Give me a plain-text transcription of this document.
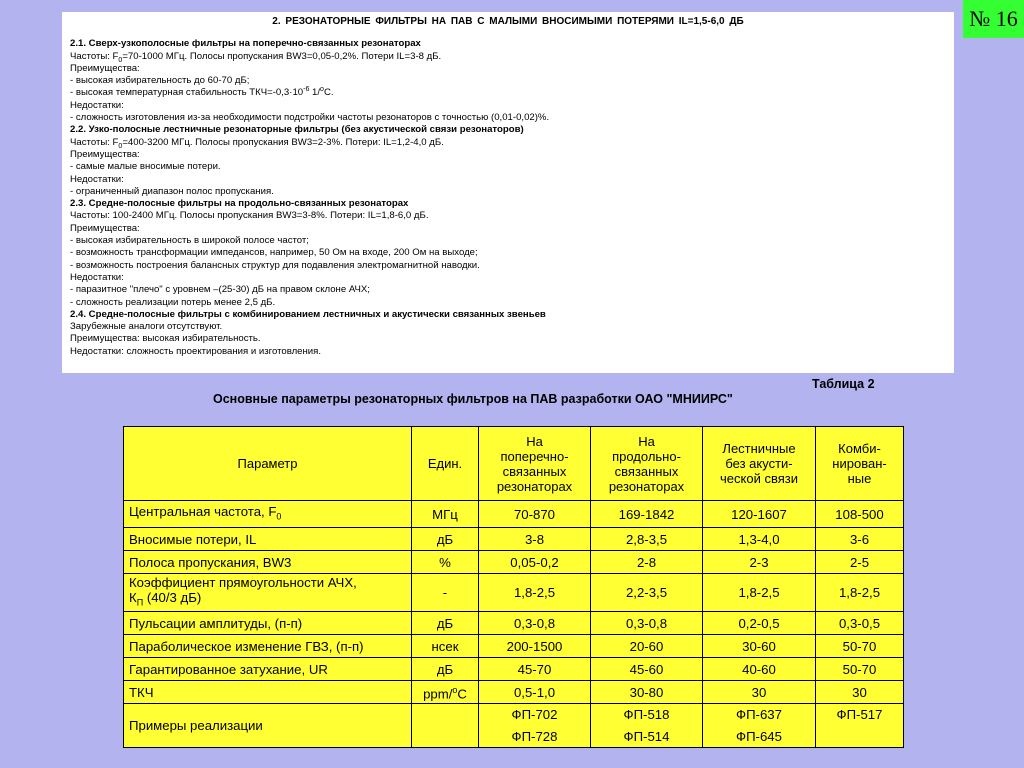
№ 16
2. РЕЗОНАТОРНЫЕ ФИЛЬТРЫ НА ПАВ С МАЛЫМИ ВНОСИМЫМИ ПОТЕРЯМИ IL=1,5-6,0 ДБ
2.1. Сверх-узкополосные фильтры на поперечно-связанных резонаторах
Частоты: $F_0=70-1000$ МГц. Полосы пропускания BW3=0,05-0,2%. Потери IL=3-8 дБ.
Преимущества:
- высокая избирательность до 60-70 дБ;
- высокая температурная стабильность $ТКЧ=-0,3\cdot 10^{-6}$ 1/$^o$С.
Недостатки:
- сложность изготовления из-за необходимости подстройки частоты резонаторов с точностью (0,01-0,02)%.
2.2. Узко-полосные лестничные резонаторные фильтры (без акустической связи резонаторов)
Частоты: $F_0=400-3200$ МГц. Полосы пропускания BW3=2-3%. Потери: IL=1,2-4,0 дБ.
Преимущества:
- самые малые вносимые потери.
Недостатки:
- ограниченный диапазон полос пропускания.
2.3. Средне-полосные фильтры на продольно-связанных резонаторах
Частоты: 100-2400 МГц. Полосы пропускания BW3=3-8%. Потери: IL=1,8-6,0 дБ.
Преимущества:
- высокая избирательность в широкой полосе частот;
- возможность трансформации импедансов, например, 50 Ом на входе, 200 Ом на выходе;
- возможность построения балансных структур для подавления электромагнитной наводки.
Недостатки:
- паразитное "плечо" с уровнем –(25-30) дБ на правом склоне АЧХ;
- сложность реализации потерь менее 2,5 дБ.
2.4. Средне-полосные фильтры с комбинированием лестничных и акустически связанных звеньев
Зарубежные аналоги отсутствуют.
Преимущества: высокая избирательность.
Недостатки: сложность проектирования и изготовления.
Таблица 2
Основные параметры резонаторных фильтров на ПАВ разработки ОАО "МНИИРС"
Параметр	Един.	На
поперечно-
связанных
резонаторах	На
продольно-
связанных
резонаторах	Лестничные
без акусти-
ческой связи	Комби-
нирован-
ные
Центральная частота, $F_0$	МГц	70-870	169-1842	120-1607	108-500
Вносимые потери, IL	дБ	3-8	2,8-3,5	1,3-4,0	3-6
Полоса пропускания, BW3	%	0,05-0,2	2-8	2-3	2-5
Коэффициент прямоугольности АЧХ,
$К_П$ (40/3 дБ)	-	1,8-2,5	2,2-3,5	1,8-2,5	1,8-2,5
Пульсации амплитуды, (п-п)	дБ	0,3-0,8	0,3-0,8	0,2-0,5	0,3-0,5
Параболическое изменение ГВЗ, (п-п)	нсек	200-1500	20-60	30-60	50-70
Гарантированное затухание, UR	дБ	45-70	45-60	40-60	50-70
ТКЧ	ppm/$^o$C	0,5-1,0	30-80	30	30
Примеры реализации		ФП-702	ФП-518	ФП-637	ФП-517
		ФП-728	ФП-514	ФП-645	
